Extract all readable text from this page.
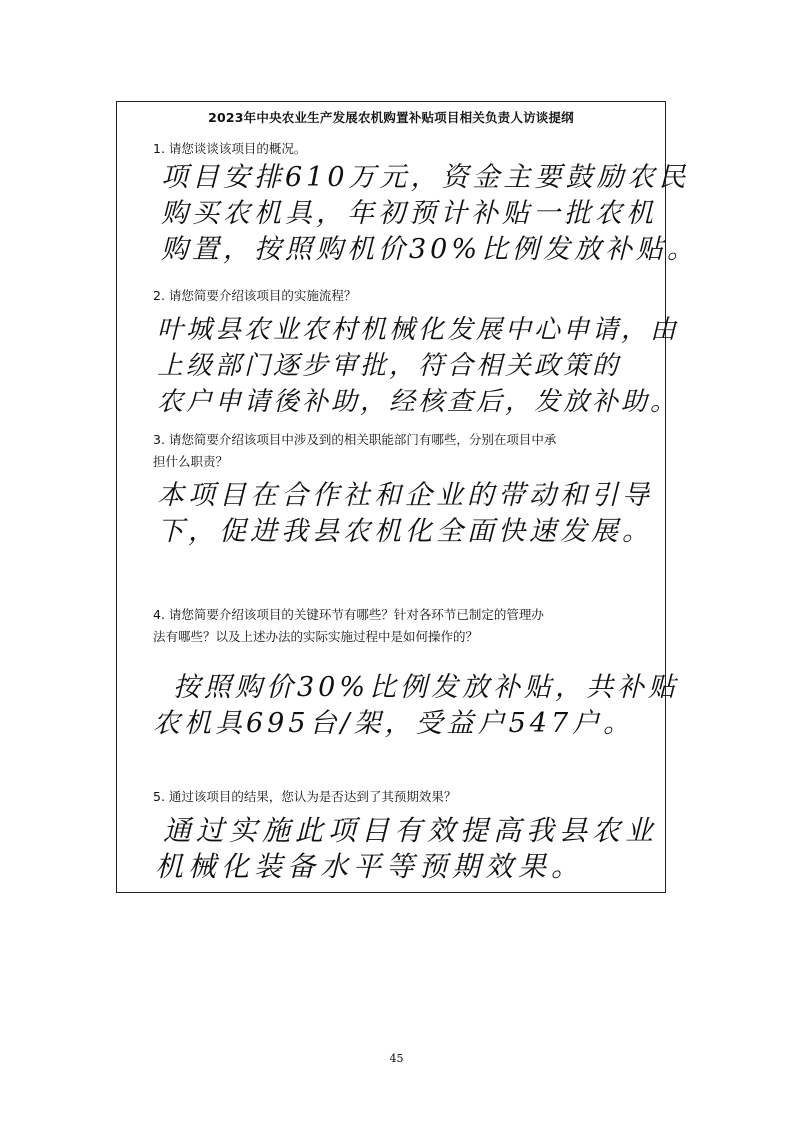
2023年中央农业生产发展农机购置补贴项目相关负责人访谈提纲
1. 请您谈谈该项目的概况。
项目安排610万元，资金主要鼓励农民
购买农机具，年初预计补贴一批农机
购置，按照购机价30%比例发放补贴。
2. 请您简要介绍该项目的实施流程？
叶城县农业农村机械化发展中心申请，由
上级部门逐步审批，符合相关政策的
农户申请後补助，经核查后，发放补助。
3. 请您简要介绍该项目中涉及到的相关职能部门有哪些，分别在项目中承
担什么职责？
本项目在合作社和企业的带动和引导
下，促进我县农机化全面快速发展。
4. 请您简要介绍该项目的关键环节有哪些？针对各环节已制定的管理办
法有哪些？以及上述办法的实际实施过程中是如何操作的？
按照购价30%比例发放补贴，共补贴
农机具695台/架，受益户547户。
5. 通过该项目的结果，您认为是否达到了其预期效果？
通过实施此项目有效提高我县农业
机械化装备水平等预期效果。
45
